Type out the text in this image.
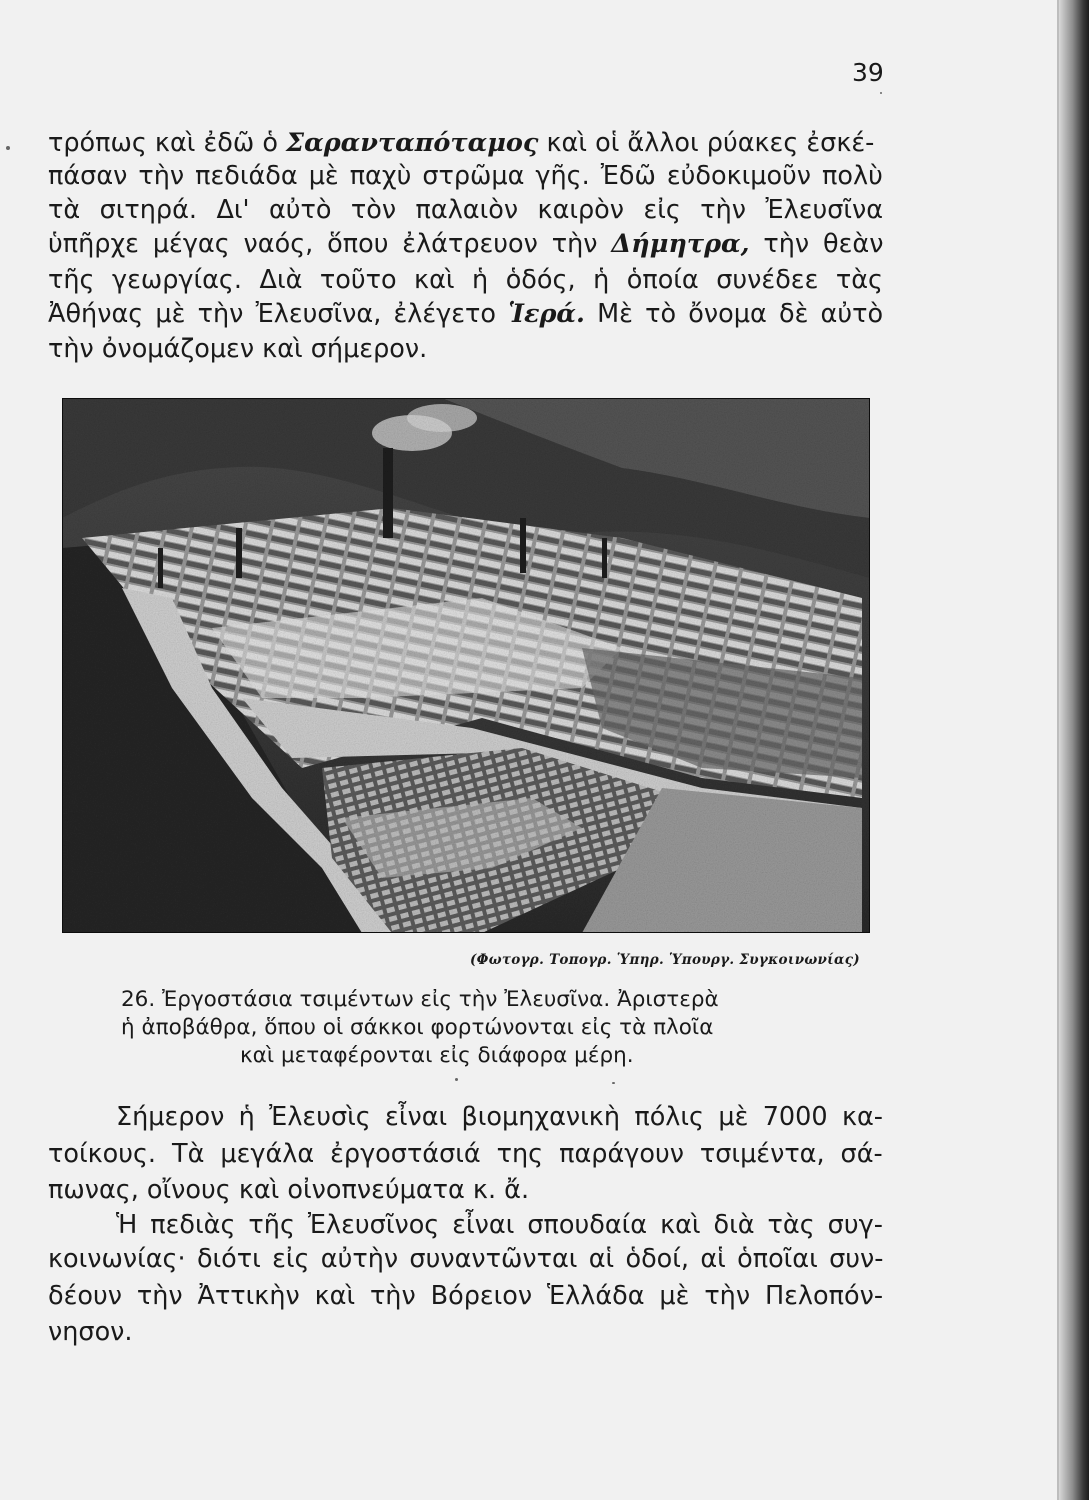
39
τρόπως καὶ ἐδῶ ὁ Σαρανταπόταμος καὶ οἱ ἄλλοι ρύακες ἐσκέ-
πάσαν τὴν πεδιάδα μὲ παχὺ στρῶμα γῆς. Ἐδῶ εὐδοκιμοῦν πολὺ
τὰ σιτηρά. Δι' αὐτὸ τὸν παλαιὸν καιρὸν εἰς τὴν Ἐλευσῖνα
ὑπῆρχε μέγας ναός, ὅπου ἐλάτρευον τὴν Δήμητρα, τὴν θεὰν
τῆς γεωργίας. Διὰ τοῦτο καὶ ἡ ὁδός, ἡ ὁποία συνέδεε τὰς
Ἀθήνας μὲ τὴν Ἐλευσῖνα, ἐλέγετο Ἱερά. Μὲ τὸ ὄνομα δὲ αὐτὸ
τὴν ὀνομάζομεν καὶ σήμερον.
(Φωτογρ. Τοπογρ. Ὑπηρ. Ὑπουργ. Συγκοινωνίας)
26. Ἐργοστάσια τσιμέντων εἰς τὴν Ἐλευσῖνα. Ἀριστερὰ
ἡ ἀποβάθρα, ὅπου οἱ σάκκοι φορτώνονται εἰς τὰ πλοῖα
καὶ μεταφέρονται εἰς διάφορα μέρη.
Σήμερον ἡ Ἐλευσὶς εἶναι βιομηχανικὴ πόλις μὲ 7000 κα-
τοίκους. Τὰ μεγάλα ἐργοστάσιά της παράγουν τσιμέντα, σά-
πωνας, οἴνους καὶ οἰνοπνεύματα κ. ἄ.
Ἡ πεδιὰς τῆς Ἐλευσῖνος εἶναι σπουδαία καὶ διὰ τὰς συγ-
κοινωνίας· διότι εἰς αὐτὴν συναντῶνται αἱ ὁδοί, αἱ ὁποῖαι συν-
δέουν τὴν Ἀττικὴν καὶ τὴν Βόρειον Ἑλλάδα μὲ τὴν Πελοπόν-
νησον.
